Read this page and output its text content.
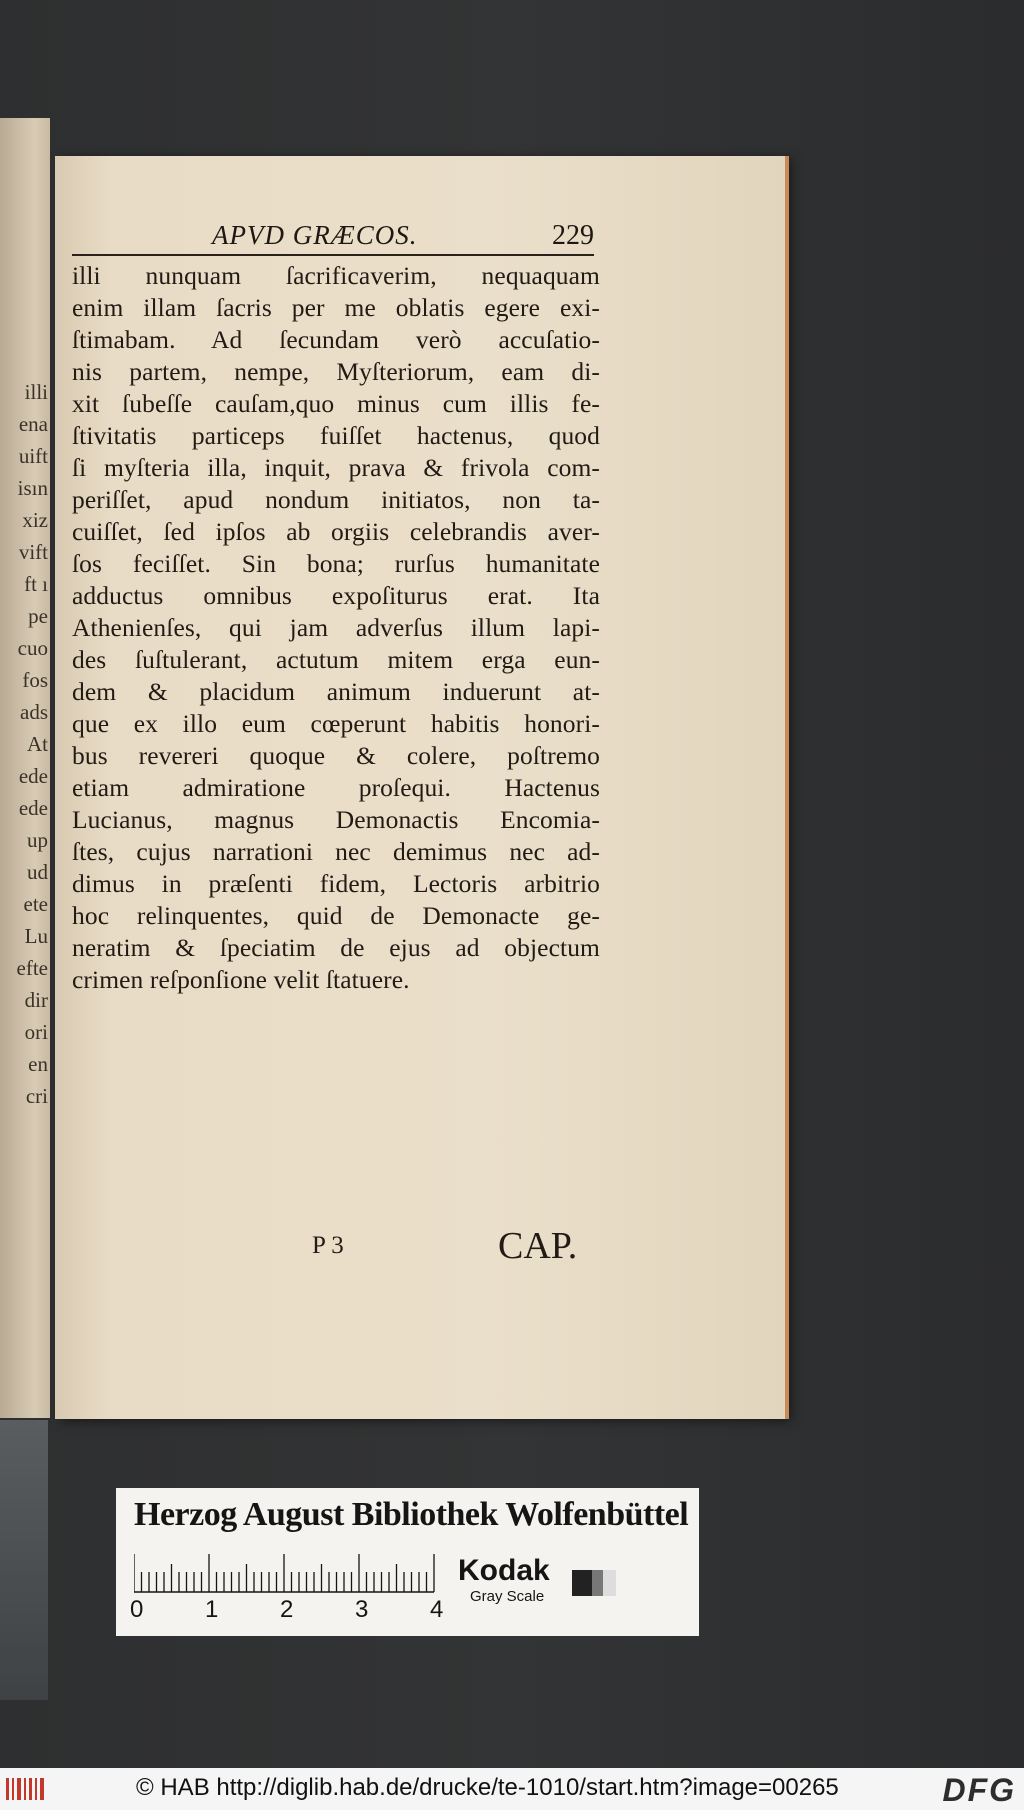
illi
ena
uift
isın
xiz
vift
ft ı
pe
cuo
fos
ads
At
ede
ede
up
ud
ete
Lu
efte
dir
ori
en
cri
APVD GRÆCOS.	229
illi nunquam ſacrificaverim, nequaquam
enim illam ſacris per me oblatis egere exi-
ſtimabam. Ad ſecundam verò accuſatio-
nis partem, nempe, Myſteriorum, eam di-
xit ſubeſſe cauſam,quo minus cum illis fe-
ſtivitatis particeps fuiſſet hactenus, quod
ſi myſteria illa, inquit, prava & frivola com-
periſſet, apud nondum initiatos, non ta-
cuiſſet, ſed ipſos ab orgiis celebrandis aver-
ſos feciſſet. Sin bona; rurſus humanitate
adductus omnibus expoſiturus erat. Ita
Athenienſes, qui jam adverſus illum lapi-
des ſuſtulerant, actutum mitem erga eun-
dem & placidum animum induerunt at-
que ex illo eum cœperunt habitis honori-
bus revereri quoque & colere, poſtremo
etiam admiratione proſequi. Hactenus
Lucianus, magnus Demonactis Encomia-
ſtes, cujus narrationi nec demimus nec ad-
dimus in præſenti fidem, Lectoris arbitrio
hoc relinquentes, quid de Demonacte ge-
neratim & ſpeciatim de ejus ad objectum
crimen reſponſione velit ſtatuere.
P 3	CAP.
Herzog August Bibliothek Wolfenbüttel
0	1	2	3	4
Kodak
Gray Scale
© HAB http://diglib.hab.de/drucke/te-1010/start.htm?image=00265	DFG
